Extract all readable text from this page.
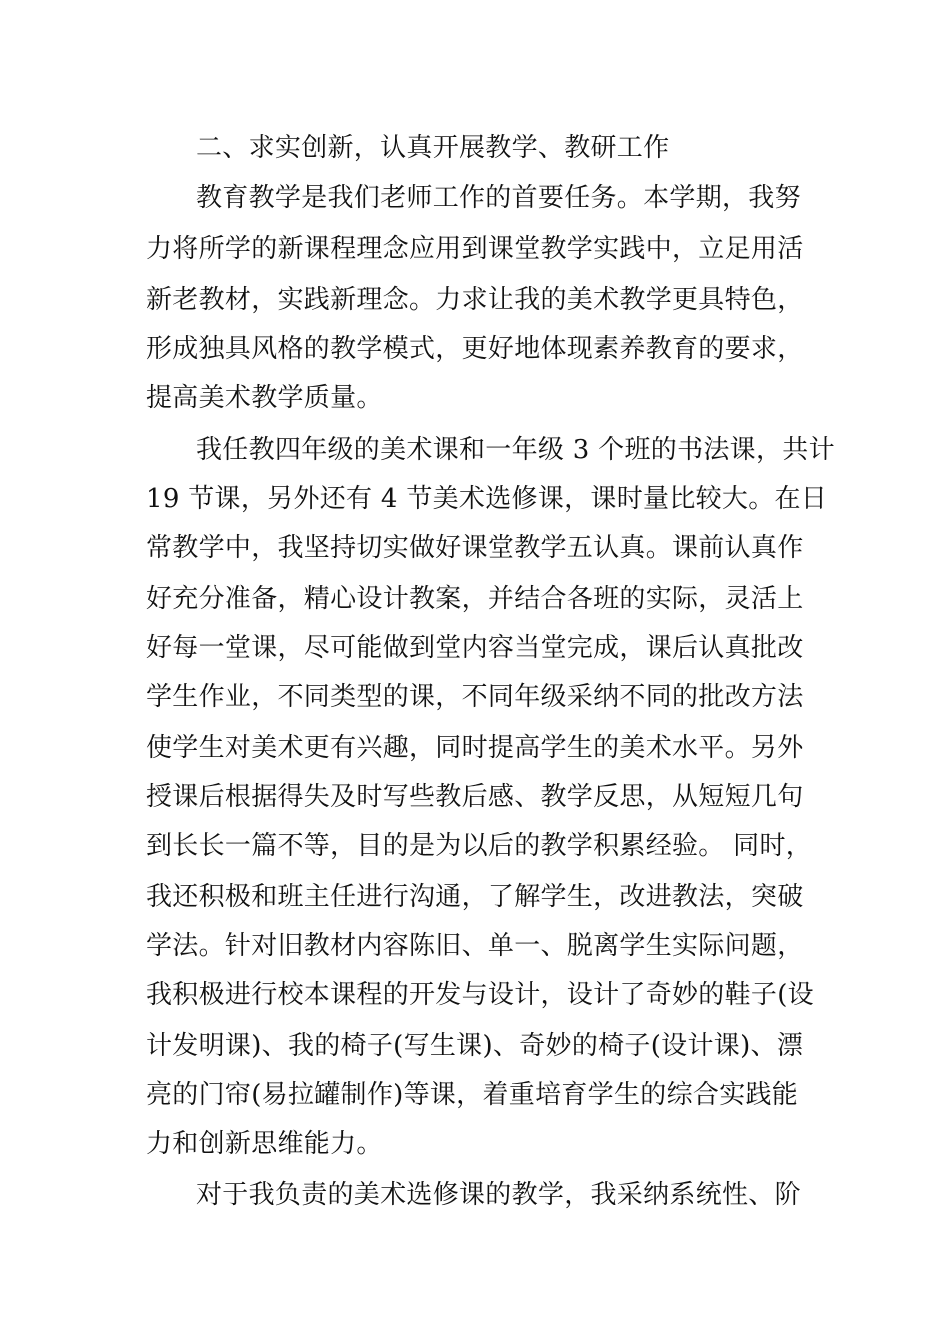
二、求实创新，认真开展教学、教研工作
教育教学是我们老师工作的首要任务。本学期，我努
力将所学的新课程理念应用到课堂教学实践中，立足用活
新老教材，实践新理念。力求让我的美术教学更具特色，
形成独具风格的教学模式，更好地体现素养教育的要求，
提高美术教学质量。
我任教四年级的美术课和一年级 3 个班的书法课，共计
19 节课，另外还有 4 节美术选修课，课时量比较大。在日
常教学中，我坚持切实做好课堂教学五认真。课前认真作
好充分准备，精心设计教案，并结合各班的实际，灵活上
好每一堂课，尽可能做到堂内容当堂完成，课后认真批改
学生作业，不同类型的课，不同年级采纳不同的批改方法
使学生对美术更有兴趣，同时提高学生的美术水平。另外
授课后根据得失及时写些教后感、教学反思，从短短几句
到长长一篇不等，目的是为以后的教学积累经验。 同时，
我还积极和班主任进行沟通，了解学生，改进教法，突破
学法。针对旧教材内容陈旧、单一、脱离学生实际问题，
我积极进行校本课程的开发与设计，设计了奇妙的鞋子(设
计发明课)、我的椅子(写生课)、奇妙的椅子(设计课)、漂
亮的门帘(易拉罐制作)等课，着重培育学生的综合实践能
力和创新思维能力。
对于我负责的美术选修课的教学，我采纳系统性、阶
